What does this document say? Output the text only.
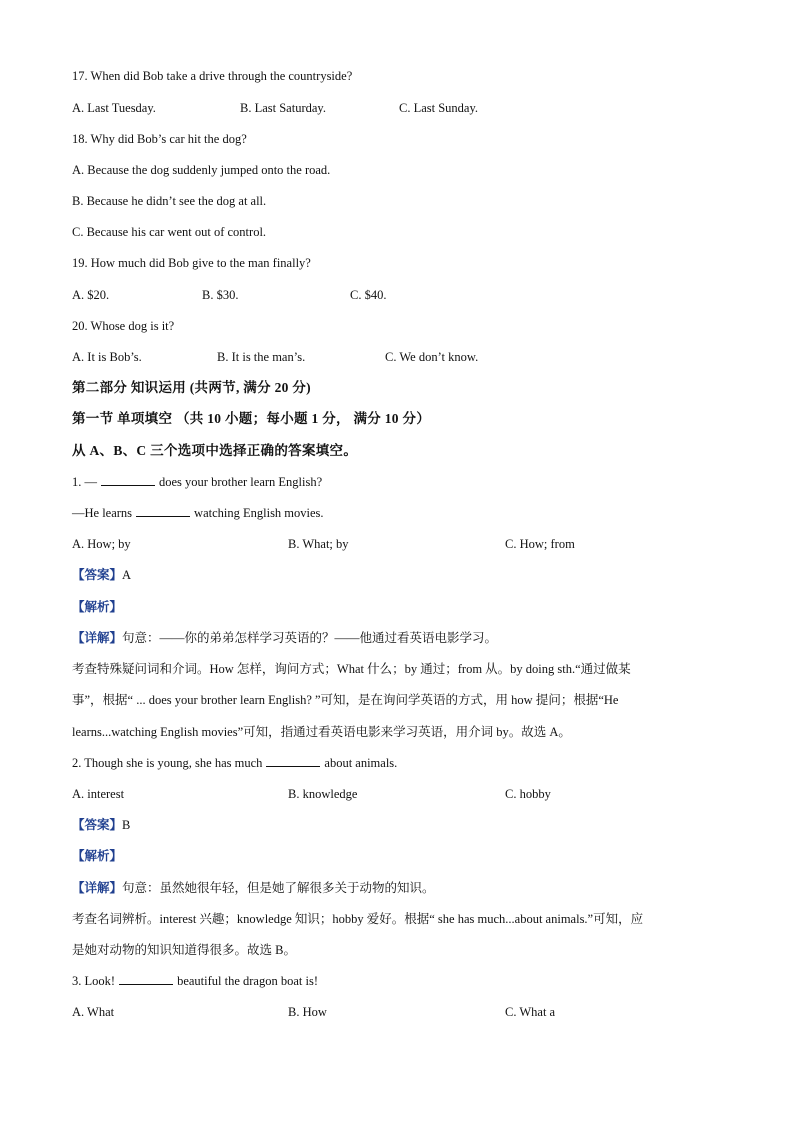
17. When did Bob take a drive through the countryside?
A. Last Tuesday.	B. Last Saturday.	C. Last Sunday.
18. Why did Bob’s car hit the dog?
A. Because the dog suddenly jumped onto the road.
B. Because he didn’t see the dog at all.
C. Because his car went out of control.
19. How much did Bob give to the man finally?
A. $20.	B. $30.	C. $40.
20. Whose dog is it?
A. It is Bob’s.	B. It is the man’s.	C. We don’t know.
第二部分 知识运用 (共两节, 满分 20 分)
第一节 单项填空 （共 10 小题；每小题 1 分， 满分 10 分）
从 A、B、C 三个选项中选择正确的答案填空。
1. —	does your brother learn English?
—He learns	watching English movies.
A. How; by	B. What; by	C. How; from
【答案】A
【解析】
【详解】句意：——你的弟弟怎样学习英语的？——他通过看英语电影学习。
考查特殊疑问词和介词。How 怎样，询问方式；What 什么；by 通过；from 从。by doing sth.“通过做某
事”，根据“ ... does your brother learn English? ”可知，是在询问学英语的方式，用 how 提问；根据“He
learns...watching English movies”可知，指通过看英语电影来学习英语，用介词 by。故选 A。
2. Though she is young, she has much	about animals.
A. interest	B. knowledge	C. hobby
【答案】B
【解析】
【详解】句意：虽然她很年轻，但是她了解很多关于动物的知识。
考查名词辨析。interest 兴趣；knowledge 知识；hobby 爱好。根据“ she has much...about animals.”可知，应
是她对动物的知识知道得很多。故选 B。
3. Look!	beautiful the dragon boat is!
A. What	B. How	C. What a
